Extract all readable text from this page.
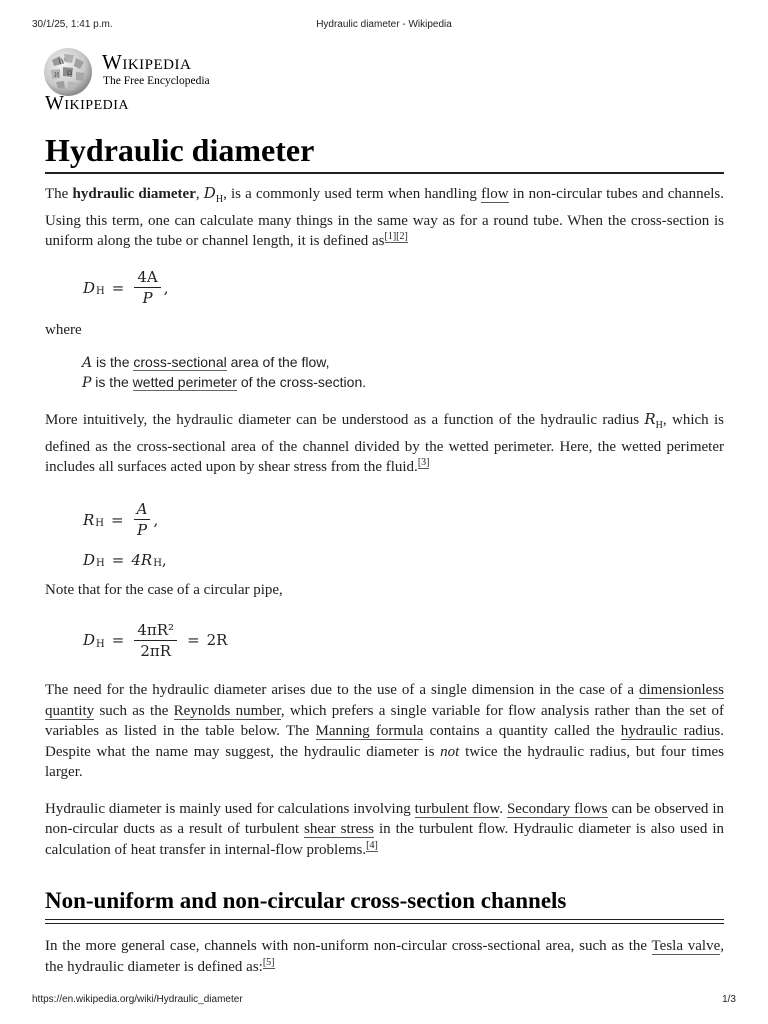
30/1/25, 1:41 p.m.	Hydraulic diameter - Wikipedia
W
Ω
И
Wikipedia
The Free Encyclopedia
Wikipedia
Hydraulic diameter

The hydraulic diameter, $D_H$, is a commonly used term when handling flow in non-circular tubes and channels. Using this term, one can calculate many things in the same way as for a round tube. When the cross-section is uniform along the tube or channel length, it is defined as[1][2]

D $H = \frac{4A}{P}$ ,

where

A is the cross-sectional area of the flow,
P is the wetted perimeter of the cross-section.

More intuitively, the hydraulic diameter can be understood as a function of the hydraulic radius $R_H$, which is defined as the cross-sectional area of the channel divided by the wetted perimeter. Here, the wetted perimeter includes all surfaces acted upon by shear stress from the fluid.[3]

R $H = \frac{A}{P}$ ,
D H = 4R H ,

Note that for the case of a circular pipe,

D $H = \frac{\text{4πR²}}{2\pi R} = 2R$

The need for the hydraulic diameter arises due to the use of a single dimension in the case of a dimensionless quantity such as the Reynolds number, which prefers a single variable for flow analysis rather than the set of variables as listed in the table below. The Manning formula contains a quantity called the hydraulic radius. Despite what the name may suggest, the hydraulic diameter is not twice the hydraulic radius, but four times larger.

Hydraulic diameter is mainly used for calculations involving turbulent flow. Secondary flows can be observed in non-circular ducts as a result of turbulent shear stress in the turbulent flow. Hydraulic diameter is also used in calculation of heat transfer in internal-flow problems.[4]

Non-uniform and non-circular cross-section channels

In the more general case, channels with non-uniform non-circular cross-sectional area, such as the Tesla valve, the hydraulic diameter is defined as:[5]

https://en.wikipedia.org/wiki/Hydraulic_diameter	1/3
